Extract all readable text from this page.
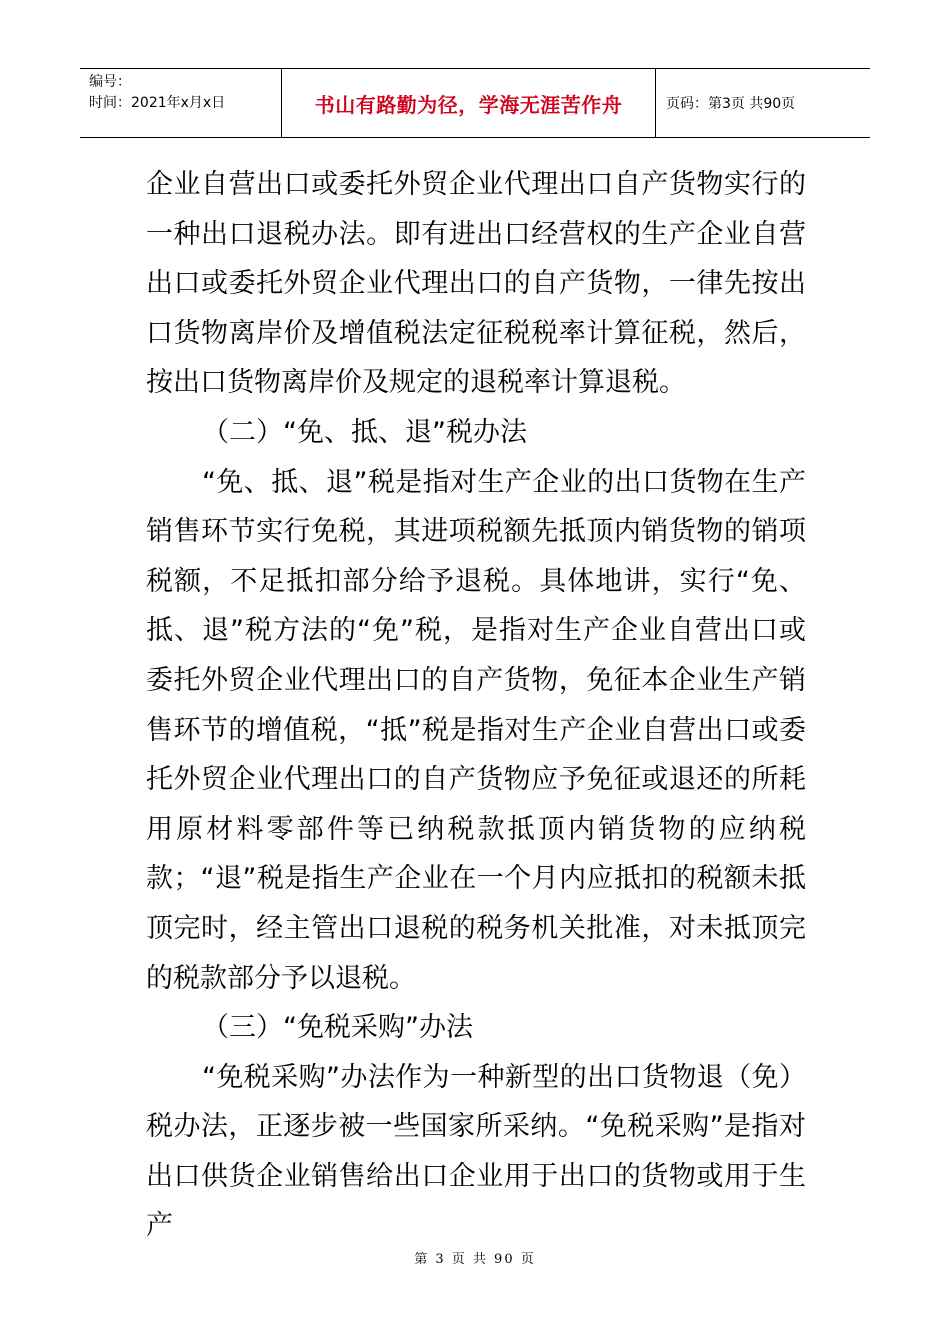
编号：
时间：2021年x月x日	书山有路勤为径，学海无涯苦作舟	页码：第3页 共90页

企业自营出口或委托外贸企业代理出口自产货物实行的一种出口退税办法。即有进出口经营权的生产企业自营出口或委托外贸企业代理出口的自产货物，一律先按出口货物离岸价及增值税法定征税税率计算征税，然后，按出口货物离岸价及规定的退税率计算退税。

（二）“免、抵、退”税办法

“免、抵、退”税是指对生产企业的出口货物在生产销售环节实行免税，其进项税额先抵顶内销货物的销项税额，不足抵扣部分给予退税。具体地讲，实行“免、抵、退”税方法的“免”税，是指对生产企业自营出口或委托外贸企业代理出口的自产货物，免征本企业生产销售环节的增值税，“抵”税是指对生产企业自营出口或委托外贸企业代理出口的自产货物应予免征或退还的所耗用原材料零部件等已纳税款抵顶内销货物的应纳税款；“退”税是指生产企业在一个月内应抵扣的税额未抵顶完时，经主管出口退税的税务机关批准，对未抵顶完的税款部分予以退税。

（三）“免税采购”办法

“免税采购”办法作为一种新型的出口货物退（免）税办法，正逐步被一些国家所采纳。“免税采购”是指对出口供货企业销售给出口企业用于出口的货物或用于生产

第 3 页 共 90 页
